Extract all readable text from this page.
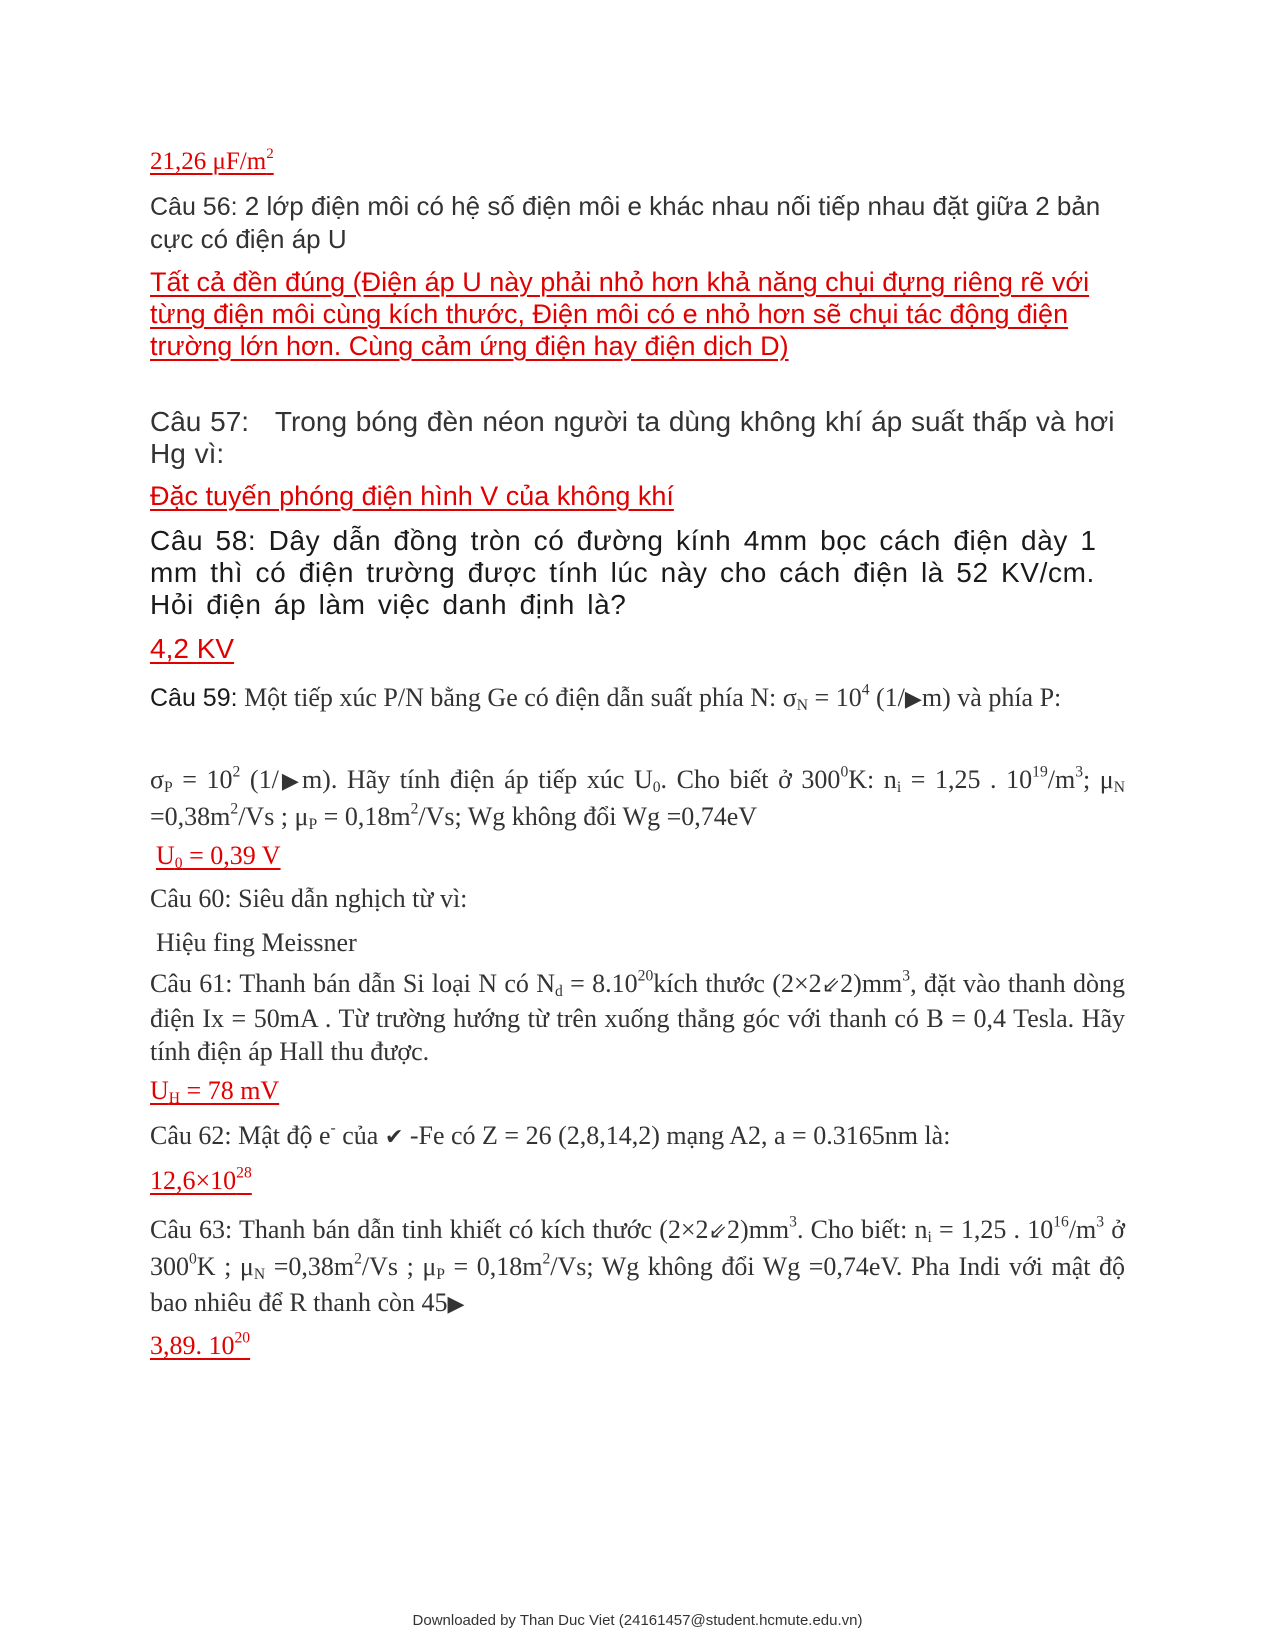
21,26 $\mu F/m^2$

Câu 56: 2 lớp điện môi có hệ số điện môi e khác nhau nối tiếp nhau đặt giữa 2 bản cực có điện áp U

Tất cả đền đúng (Điện áp U này phải nhỏ hơn khả năng chụi đựng riêng rẽ với từng điện môi cùng kích thước, Điện môi có e nhỏ hơn sẽ chụi tác động điện trường lớn hơn. Cùng cảm ứng điện hay điện dịch D)

Câu 57: Trong bóng đèn néon người ta dùng không khí áp suất thấp và hơi Hg vì:

Đặc tuyến phóng điện hình V của không khí

Câu 58: Dây dẫn đồng tròn có đường kính 4mm bọc cách điện dày 1 mm thì có điện trường được tính lúc này cho cách điện là 52 KV/cm. Hỏi điện áp làm việc danh định là?

4,2 KV

Câu 59: Một tiếp xúc P/N bằng Ge có điện dẫn suất phía N: $\sigma_N = 10^4$ (1/▶m) và phía P:

$\sigma_P = 10^2$ (1/▶m). Hãy tính điện áp tiếp xúc $U_0$. Cho biết ở $300^0K$: $n_i = 1,25$ . $10^{19}/m^3$; $\mu_N =0,38m^2/Vs$ ; $\mu_P = 0,18m^2/Vs$; Wg không đổi Wg =0,74eV

$U_0 = 0,39$ V

Câu 60: Siêu dẫn nghịch từ vì:

Hiệu fing Meissner

Câu 61: Thanh bán dẫn Si loại N có $N_d$ = $8.10^{20}kích$ thước $(2\times 2⇙2)mm^3$, đặt vào thanh dòng điện Ix = 50mA . Từ trường hướng từ trên xuống thẳng góc với thanh có B = 0,4 Tesla. Hãy tính điện áp Hall thu được.

$U_H = 78$ mV

Câu 62: Mật độ e- của ✔ -Fe có Z = 26 (2,8,14,2) mạng A2, a = 0.3165nm là:

$12,6\times 10^{28}$

Câu 63: Thanh bán dẫn tinh khiết có kích thước $(2\times 2⇙2)mm^3$. Cho biết: $n_i = 1,25$ . $10^{16}/m^3$ ở $300^0K$ ; $\mu_N =0,38m^2/Vs$ ; $\mu_P = 0,18m^2/Vs$; Wg không đổi Wg =0,74eV. Pha Indi với mật độ bao nhiêu để R thanh còn 45▶

3,89. $10^{20}$

Downloaded by Than Duc Viet (24161457@student.hcmute.edu.vn)
